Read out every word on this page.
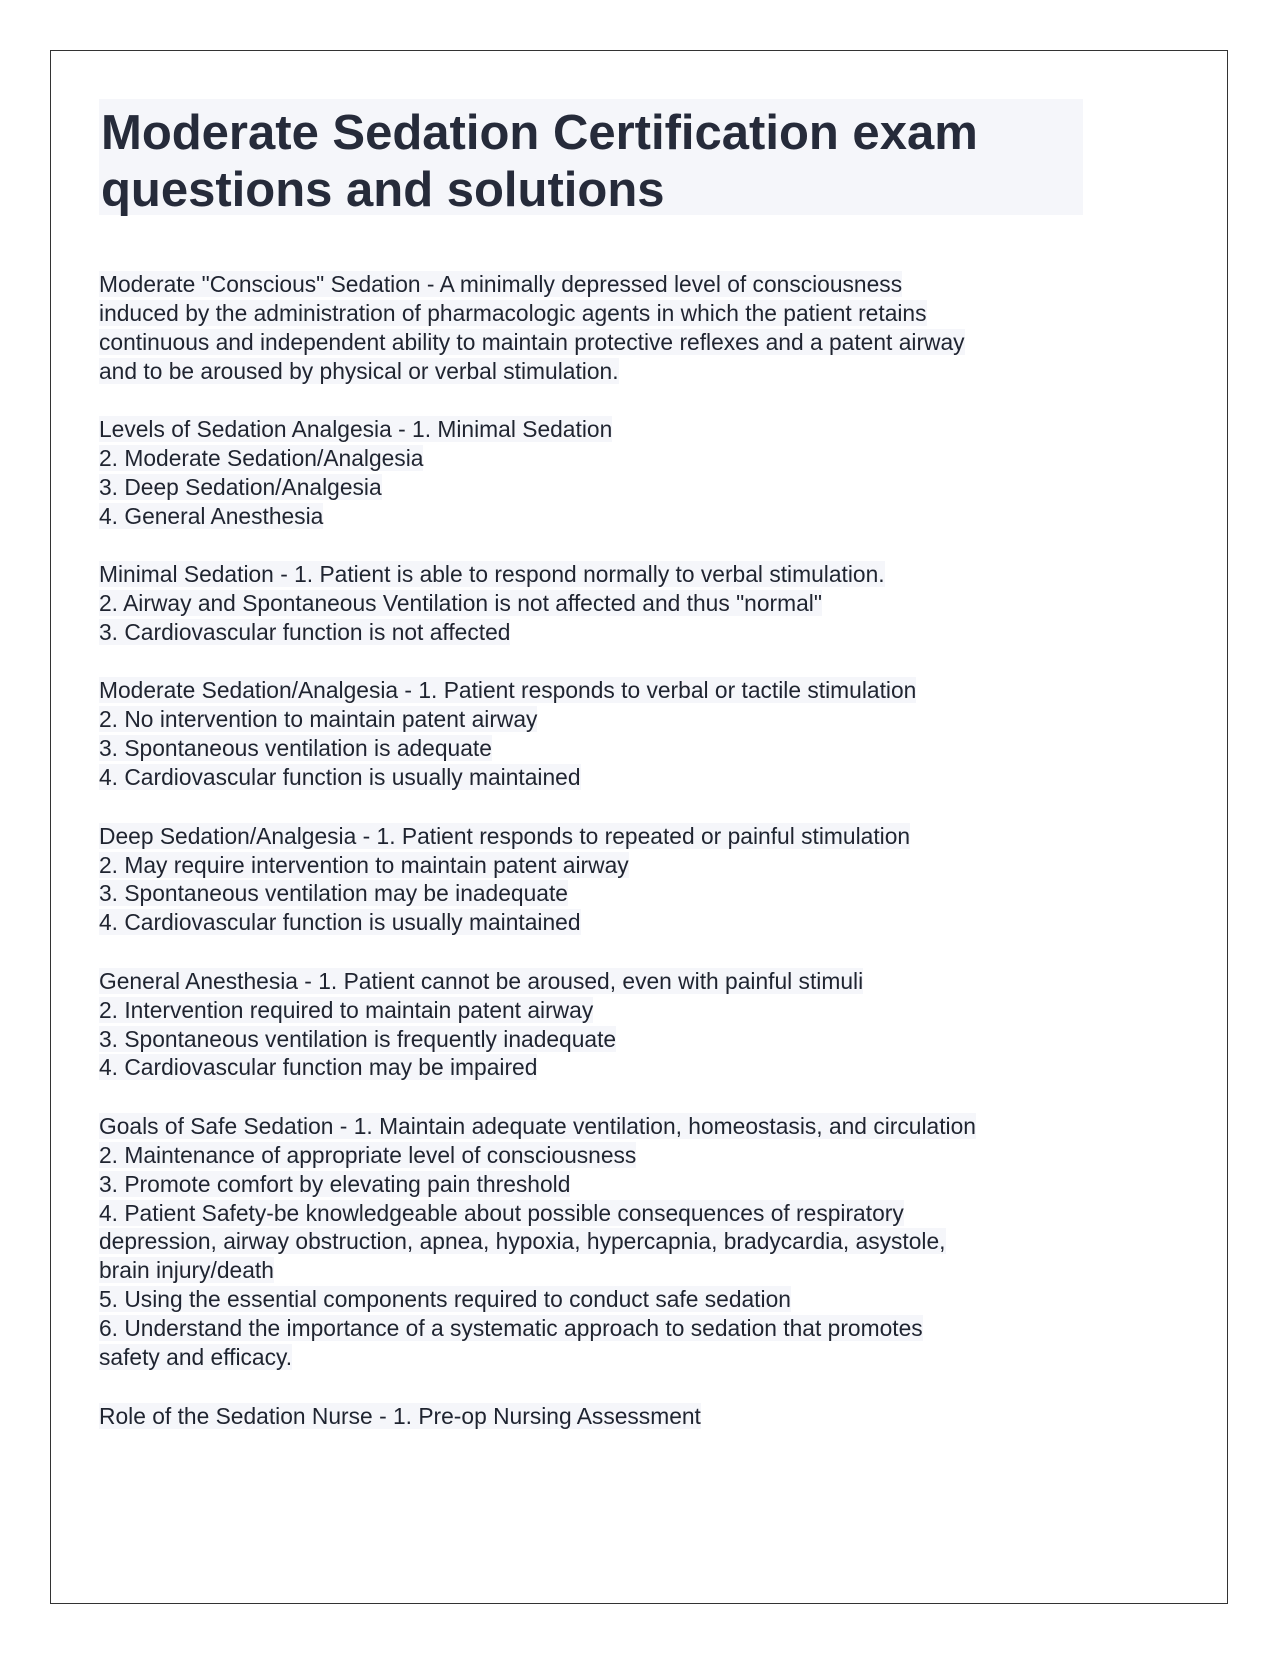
Moderate Sedation Certification exam
questions and solutions
Moderate "Conscious" Sedation - A minimally depressed level of consciousness
induced by the administration of pharmacologic agents in which the patient retains
continuous and independent ability to maintain protective reflexes and a patent airway
and to be aroused by physical or verbal stimulation.
Levels of Sedation Analgesia - 1. Minimal Sedation
2. Moderate Sedation/Analgesia
3. Deep Sedation/Analgesia
4. General Anesthesia
Minimal Sedation - 1. Patient is able to respond normally to verbal stimulation.
2. Airway and Spontaneous Ventilation is not affected and thus "normal"
3. Cardiovascular function is not affected
Moderate Sedation/Analgesia - 1. Patient responds to verbal or tactile stimulation
2. No intervention to maintain patent airway
3. Spontaneous ventilation is adequate
4. Cardiovascular function is usually maintained
Deep Sedation/Analgesia - 1. Patient responds to repeated or painful stimulation
2. May require intervention to maintain patent airway
3. Spontaneous ventilation may be inadequate
4. Cardiovascular function is usually maintained
General Anesthesia - 1. Patient cannot be aroused, even with painful stimuli
2. Intervention required to maintain patent airway
3. Spontaneous ventilation is frequently inadequate
4. Cardiovascular function may be impaired
Goals of Safe Sedation - 1. Maintain adequate ventilation, homeostasis, and circulation
2. Maintenance of appropriate level of consciousness
3. Promote comfort by elevating pain threshold
4. Patient Safety-be knowledgeable about possible consequences of respiratory
depression, airway obstruction, apnea, hypoxia, hypercapnia, bradycardia, asystole,
brain injury/death
5. Using the essential components required to conduct safe sedation
6. Understand the importance of a systematic approach to sedation that promotes
safety and efficacy.
Role of the Sedation Nurse - 1. Pre-op Nursing Assessment
